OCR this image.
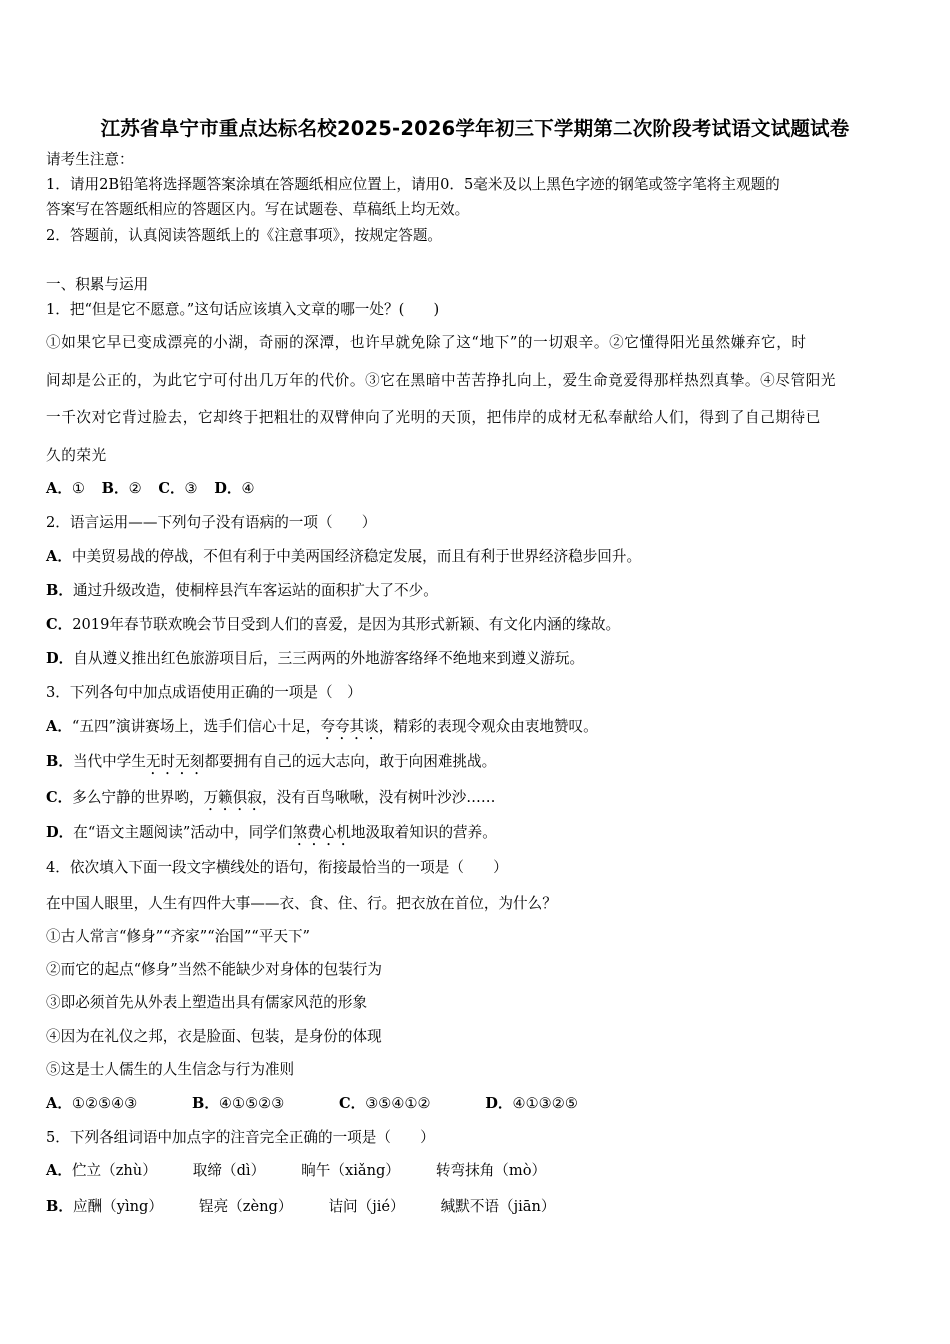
江苏省阜宁市重点达标名校2025-2026学年初三下学期第二次阶段考试语文试题试卷
请考生注意：
1．请用2B铅笔将选择题答案涂填在答题纸相应位置上，请用0．5毫米及以上黑色字迹的钢笔或签字笔将主观题的
答案写在答题纸相应的答题区内。写在试题卷、草稿纸上均无效。
2．答题前，认真阅读答题纸上的《注意事项》，按规定答题。
一、积累与运用
1．把“但是它不愿意。”这句话应该填入文章的哪一处？(　　)
①如果它早已变成漂亮的小湖，奇丽的深潭，也许早就免除了这“地下”的一切艰辛。②它懂得阳光虽然嫌弃它，时
间却是公正的，为此它宁可付出几万年的代价。③它在黑暗中苦苦挣扎向上，爱生命竟爱得那样热烈真挚。④尽管阳光
一千次对它背过脸去，它却终于把粗壮的双臂伸向了光明的天顶，把伟岸的成材无私奉献给人们，得到了自己期待已
久的荣光
A．① B．② C．③ D．④
2．语言运用——下列句子没有语病的一项（　　）
A．中美贸易战的停战，不但有利于中美两国经济稳定发展，而且有利于世界经济稳步回升。
B．通过升级改造，使桐梓县汽车客运站的面积扩大了不少。
C．2019年春节联欢晚会节目受到人们的喜爱，是因为其形式新颖、有文化内涵的缘故。
D．自从遵义推出红色旅游项目后，三三两两的外地游客络绎不绝地来到遵义游玩。
3．下列各句中加点成语使用正确的一项是（　）
A．“五四”演讲赛场上，选手们信心十足，夸夸其谈，精彩的表现令观众由衷地赞叹。
B．当代中学生无时无刻都要拥有自己的远大志向，敢于向困难挑战。
C．多么宁静的世界哟，万籁俱寂，没有百鸟啾啾，没有树叶沙沙……
D．在“语文主题阅读”活动中，同学们煞费心机地汲取着知识的营养。
4．依次填入下面一段文字横线处的语句，衔接最恰当的一项是（　　）
在中国人眼里，人生有四件大事——衣、食、住、行。把衣放在首位，为什么？
①古人常言“修身”“齐家”“治国”“平天下”
②而它的起点“修身”当然不能缺少对身体的包装行为
③即必须首先从外表上塑造出具有儒家风范的形象
④因为在礼仪之邦，衣是脸面、包装，是身份的体现
⑤这是士人儒生的人生信念与行为准则
A．①②⑤④③	B．④①⑤②③	C．③⑤④①②	D．④①③②⑤
5．下列各组词语中加点字的注音完全正确的一项是（　　）
A．伫立（zhù） 取缔（dì） 晌午（xiǎng） 转弯抹角（mò）
B．应酬（yìng） 锃亮（zèng） 诘问（jié） 缄默不语（jiān）
